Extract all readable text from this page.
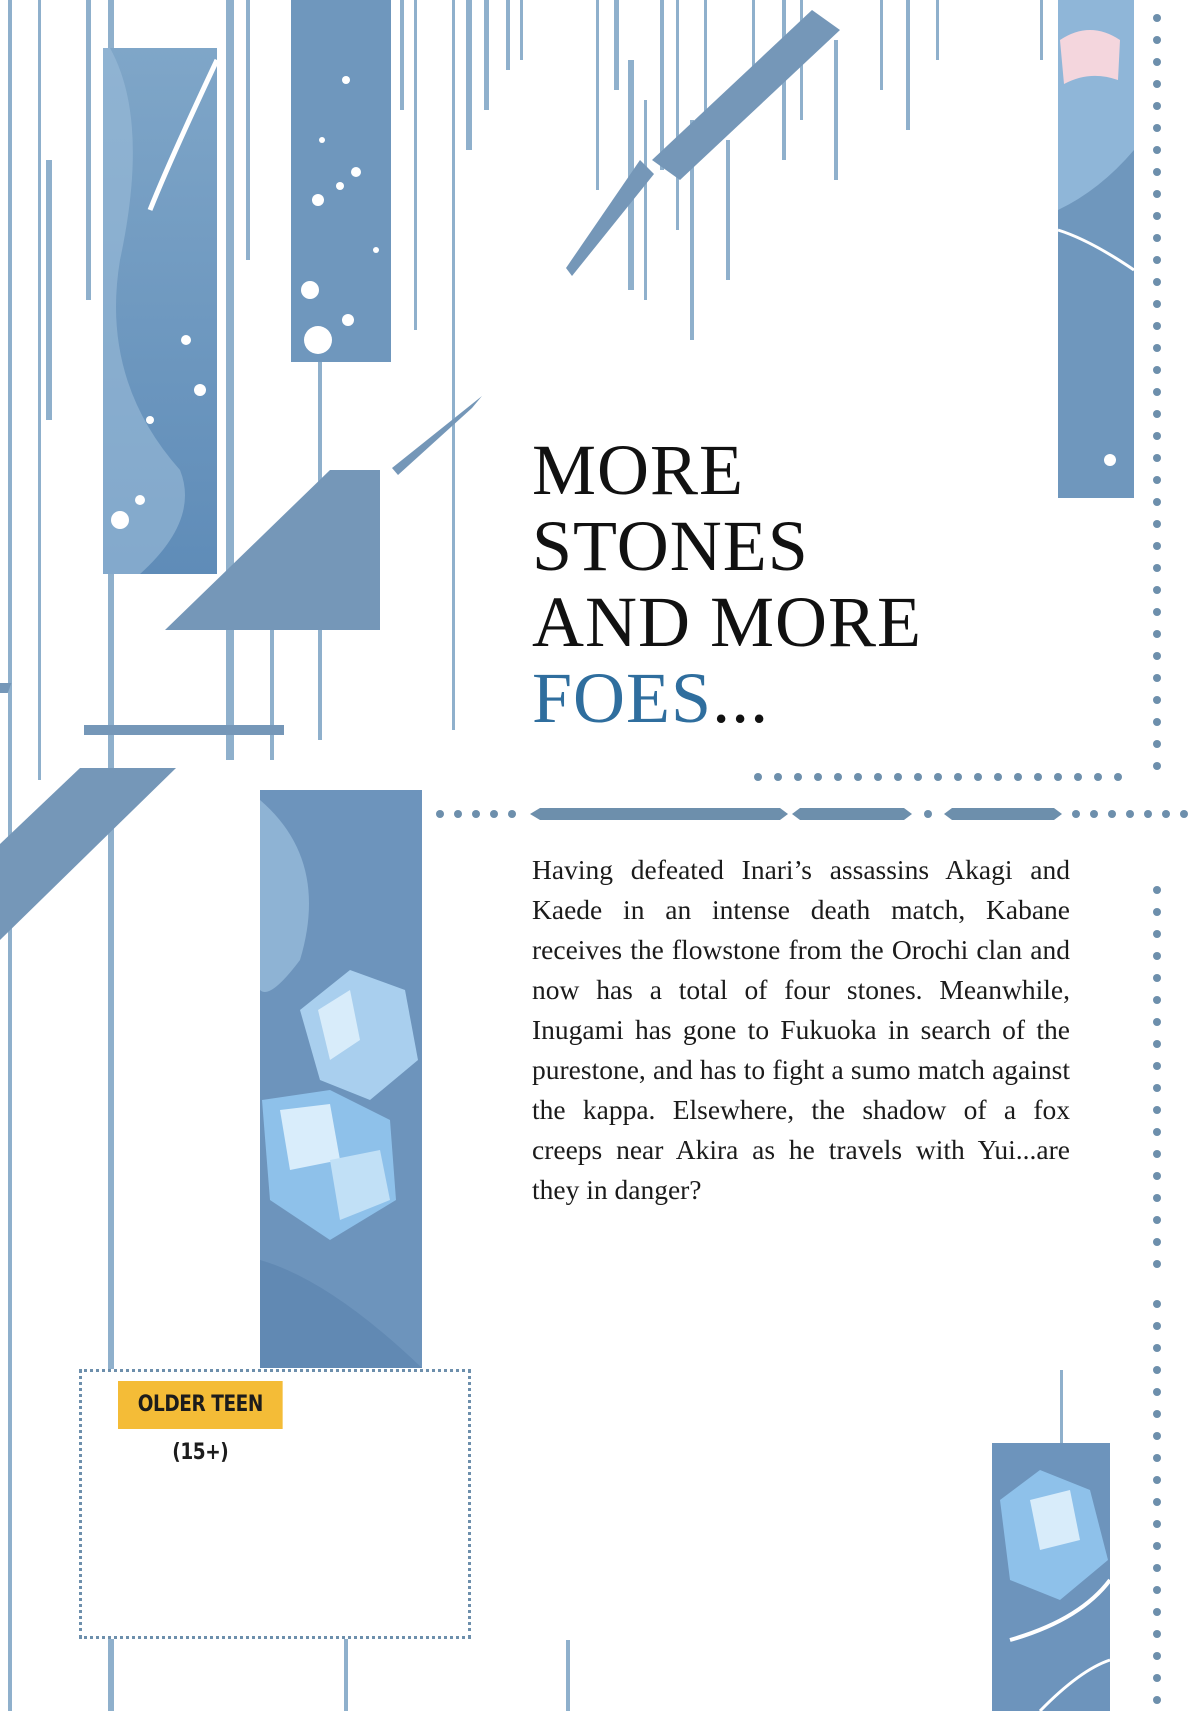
MORE
STONES
AND MORE
FOES...

Having defeated Inari’s assassins Akagi and Kaede in an intense death match, Kabane receives the flowstone from the Orochi clan and now has a total of four stones. Meanwhile, Inugami has gone to Fukuoka in search of the purestone, and has to fight a sumo match against the kappa. Elsewhere, the shadow of a fox creeps near Akira as he travels with Yui...are they in danger?

OLDER TEEN (15+)
